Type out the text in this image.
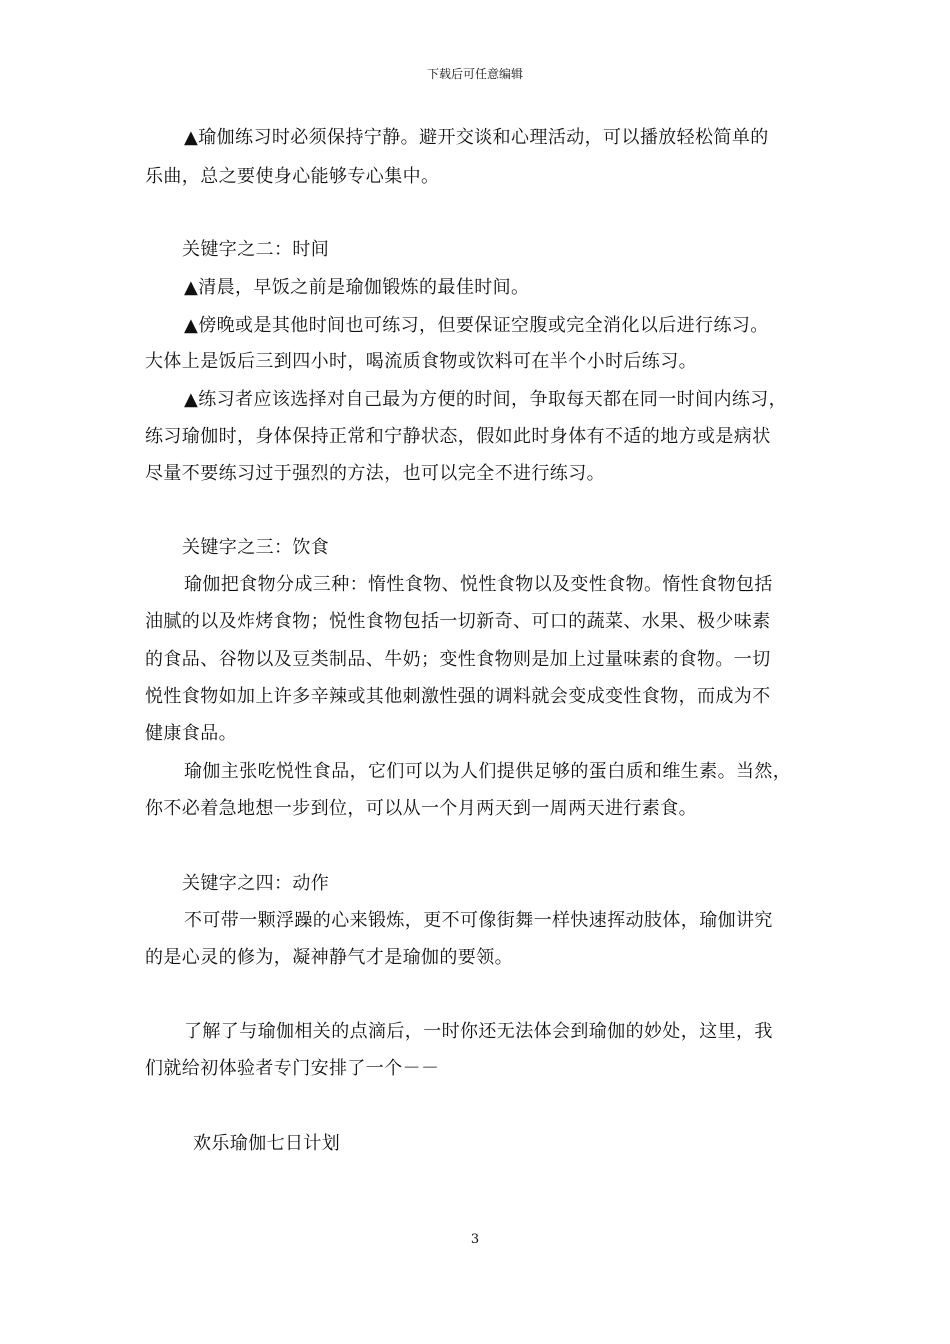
下载后可任意编辑
▲瑜伽练习时必须保持宁静。避开交谈和心理活动，可以播放轻松简单的
乐曲，总之要使身心能够专心集中。
关键字之二：时间
▲清晨，早饭之前是瑜伽锻炼的最佳时间。
▲傍晚或是其他时间也可练习，但要保证空腹或完全消化以后进行练习。
大体上是饭后三到四小时，喝流质食物或饮料可在半个小时后练习。
▲练习者应该选择对自己最为方便的时间，争取每天都在同一时间内练习，
练习瑜伽时，身体保持正常和宁静状态，假如此时身体有不适的地方或是病状
尽量不要练习过于强烈的方法，也可以完全不进行练习。
关键字之三：饮食
瑜伽把食物分成三种：惰性食物、悦性食物以及变性食物。惰性食物包括
油腻的以及炸烤食物；悦性食物包括一切新奇、可口的蔬菜、水果、极少味素
的食品、谷物以及豆类制品、牛奶；变性食物则是加上过量味素的食物。一切
悦性食物如加上许多辛辣或其他刺激性强的调料就会变成变性食物，而成为不
健康食品。
瑜伽主张吃悦性食品，它们可以为人们提供足够的蛋白质和维生素。当然，
你不必着急地想一步到位，可以从一个月两天到一周两天进行素食。
关键字之四：动作
不可带一颗浮躁的心来锻炼，更不可像街舞一样快速挥动肢体，瑜伽讲究
的是心灵的修为，凝神静气才是瑜伽的要领。
了解了与瑜伽相关的点滴后，一时你还无法体会到瑜伽的妙处，这里，我
们就给初体验者专门安排了一个－－
欢乐瑜伽七日计划
3
